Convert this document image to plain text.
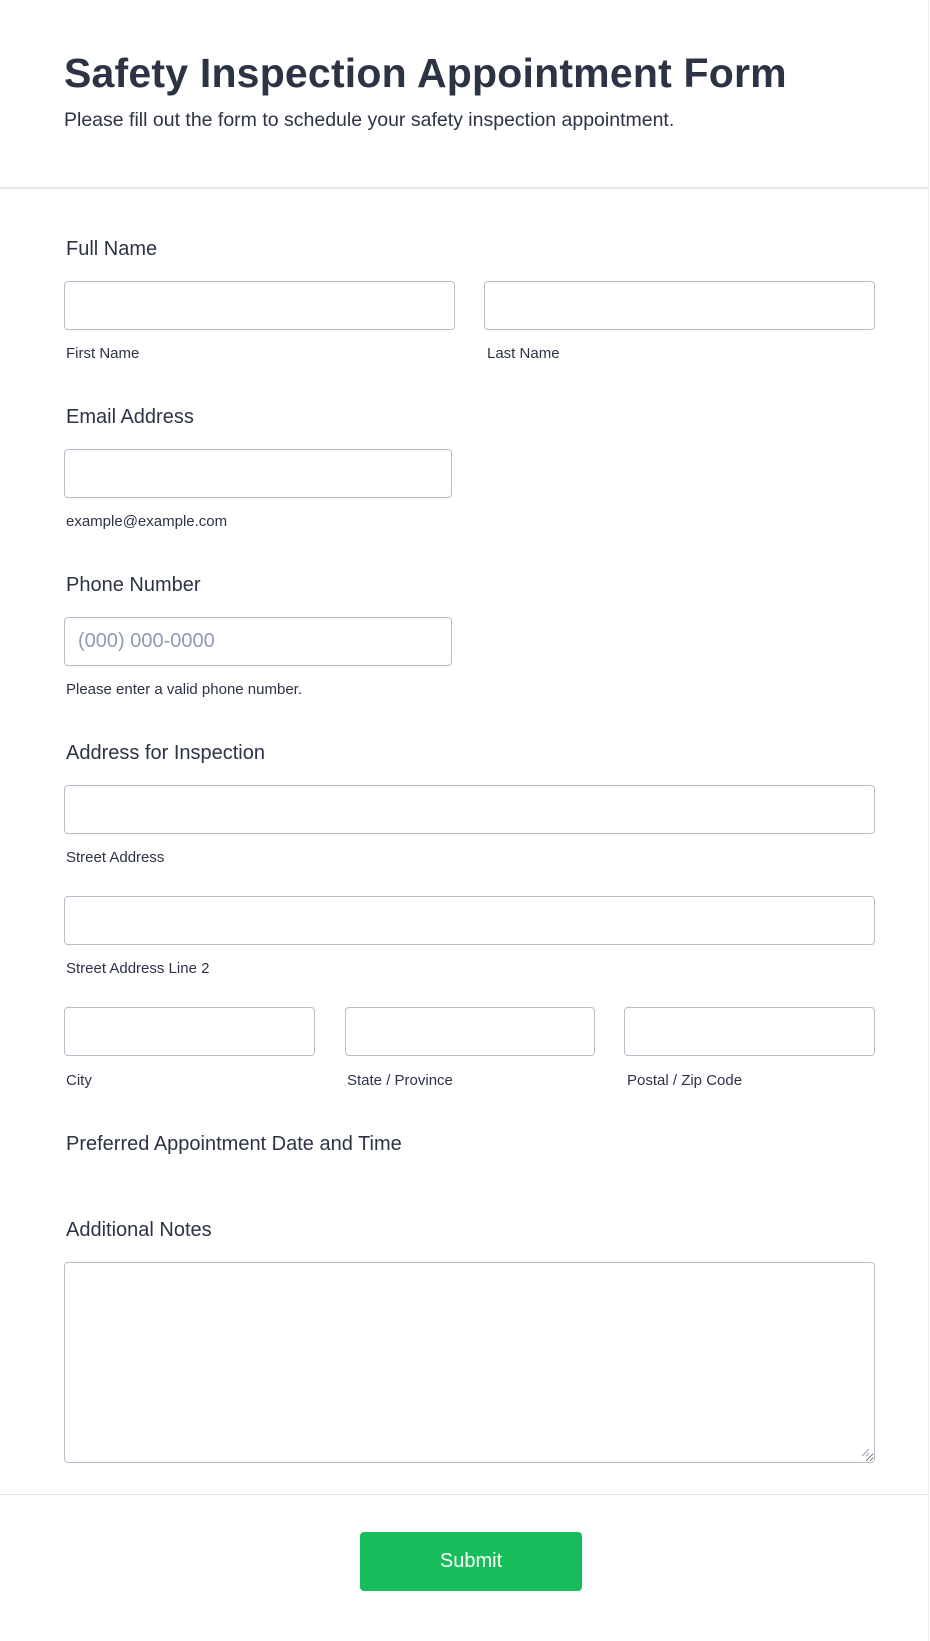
Safety Inspection Appointment Form

Please fill out the form to schedule your safety inspection appointment.

Full Name
First Name	Last Name
Email Address
example@example.com
Phone Number
(000) 000-0000
Please enter a valid phone number.
Address for Inspection
Street Address
Street Address Line 2
City	State / Province	Postal / Zip Code
Preferred Appointment Date and Time
Additional Notes
Submit
